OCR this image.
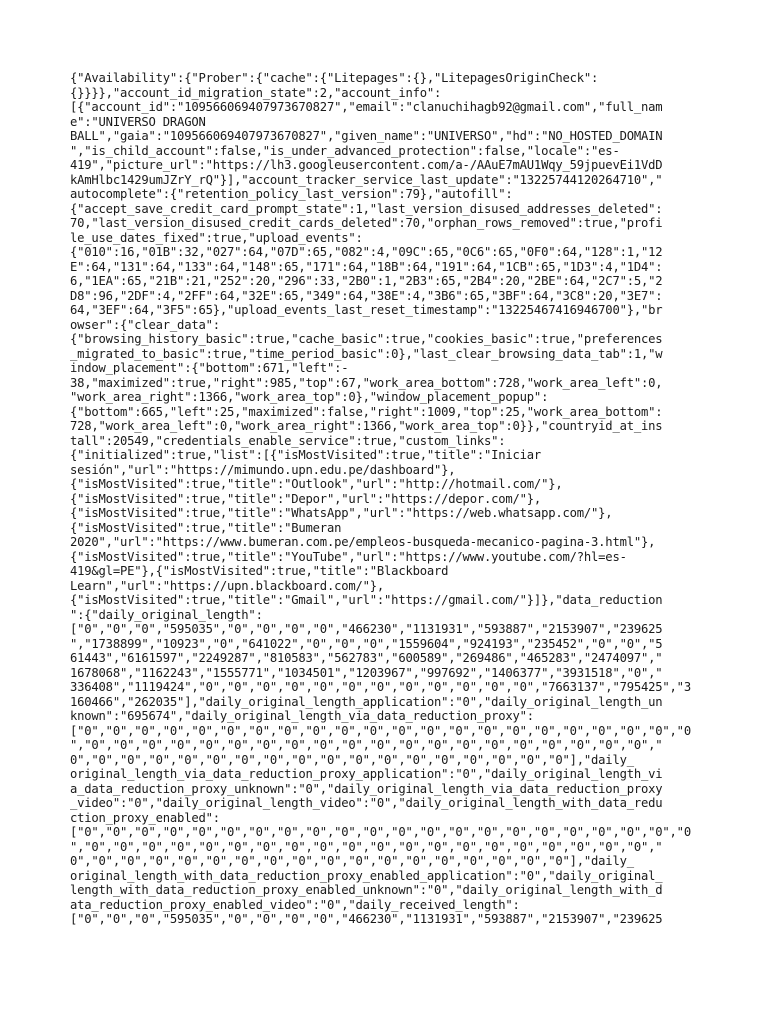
{"Availability":{"Prober":{"cache":{"Litepages":{},"LitepagesOriginCheck":
{}}}},"account_id_migration_state":2,"account_info":
[{"account_id":"109566069407973670827","email":"clanuchihagb92@gmail.com","full_nam
e":"UNIVERSO DRAGON
BALL","gaia":"109566069407973670827","given_name":"UNIVERSO","hd":"NO_HOSTED_DOMAIN
","is_child_account":false,"is_under_advanced_protection":false,"locale":"es-
419","picture_url":"https://lh3.googleusercontent.com/a-/AAuE7mAU1Wqy_59jpuevEi1VdD
kAmHlbc1429umJZrY_rQ"}],"account_tracker_service_last_update":"13225744120264710","
autocomplete":{"retention_policy_last_version":79},"autofill":
{"accept_save_credit_card_prompt_state":1,"last_version_disused_addresses_deleted":
70,"last_version_disused_credit_cards_deleted":70,"orphan_rows_removed":true,"profi
le_use_dates_fixed":true,"upload_events":
{"010":16,"01B":32,"027":64,"07D":65,"082":4,"09C":65,"0C6":65,"0F0":64,"128":1,"12
E":64,"131":64,"133":64,"148":65,"171":64,"18B":64,"191":64,"1CB":65,"1D3":4,"1D4":
6,"1EA":65,"21B":21,"252":20,"296":33,"2B0":1,"2B3":65,"2B4":20,"2BE":64,"2C7":5,"2
D8":96,"2DF":4,"2FF":64,"32E":65,"349":64,"38E":4,"3B6":65,"3BF":64,"3C8":20,"3E7":
64,"3EF":64,"3F5":65},"upload_events_last_reset_timestamp":"13225467416946700"},"br
owser":{"clear_data":
{"browsing_history_basic":true,"cache_basic":true,"cookies_basic":true,"preferences
_migrated_to_basic":true,"time_period_basic":0},"last_clear_browsing_data_tab":1,"w
indow_placement":{"bottom":671,"left":-
38,"maximized":true,"right":985,"top":67,"work_area_bottom":728,"work_area_left":0,
"work_area_right":1366,"work_area_top":0},"window_placement_popup":
{"bottom":665,"left":25,"maximized":false,"right":1009,"top":25,"work_area_bottom":
728,"work_area_left":0,"work_area_right":1366,"work_area_top":0}},"countryid_at_ins
tall":20549,"credentials_enable_service":true,"custom_links":
{"initialized":true,"list":[{"isMostVisited":true,"title":"Iniciar
sesión","url":"https://mimundo.upn.edu.pe/dashboard"},
{"isMostVisited":true,"title":"Outlook","url":"http://hotmail.com/"},
{"isMostVisited":true,"title":"Depor","url":"https://depor.com/"},
{"isMostVisited":true,"title":"WhatsApp","url":"https://web.whatsapp.com/"},
{"isMostVisited":true,"title":"Bumeran
2020","url":"https://www.bumeran.com.pe/empleos-busqueda-mecanico-pagina-3.html"},
{"isMostVisited":true,"title":"YouTube","url":"https://www.youtube.com/?hl=es-
419&gl=PE"},{"isMostVisited":true,"title":"Blackboard
Learn","url":"https://upn.blackboard.com/"},
{"isMostVisited":true,"title":"Gmail","url":"https://gmail.com/"}]},"data_reduction
":{"daily_original_length":
["0","0","0","595035","0","0","0","0","466230","1131931","593887","2153907","239625
","1738899","10923","0","641022","0","0","0","1559604","924193","235452","0","0","5
61443","6161597","2249287","810583","562783","600589","269486","465283","2474097","
1678068","1162243","1555771","1034501","1203967","997692","1406377","3931518","0","
336408","1119424","0","0","0","0","0","0","0","0","0","0","0","0","7663137","795425","3
160466","262035"],"daily_original_length_application":"0","daily_original_length_un
known":"695674","daily_original_length_via_data_reduction_proxy":
["0","0","0","0","0","0","0","0","0","0","0","0","0","0","0","0","0","0","0","0","0","0
","0","0","0","0","0","0","0","0","0","0","0","0","0","0","0","0","0","0","0","0","
0","0","0","0","0","0","0","0","0","0","0","0","0","0","0","0","0","0"],"daily_
original_length_via_data_reduction_proxy_application":"0","daily_original_length_vi
a_data_reduction_proxy_unknown":"0","daily_original_length_via_data_reduction_proxy
_video":"0","daily_original_length_video":"0","daily_original_length_with_data_redu
ction_proxy_enabled":
["0","0","0","0","0","0","0","0","0","0","0","0","0","0","0","0","0","0","0","0","0","0
","0","0","0","0","0","0","0","0","0","0","0","0","0","0","0","0","0","0","0","0","
0","0","0","0","0","0","0","0","0","0","0","0","0","0","0","0","0","0"],"daily_
original_length_with_data_reduction_proxy_enabled_application":"0","daily_original_
length_with_data_reduction_proxy_enabled_unknown":"0","daily_original_length_with_d
ata_reduction_proxy_enabled_video":"0","daily_received_length":
["0","0","0","595035","0","0","0","0","466230","1131931","593887","2153907","239625
